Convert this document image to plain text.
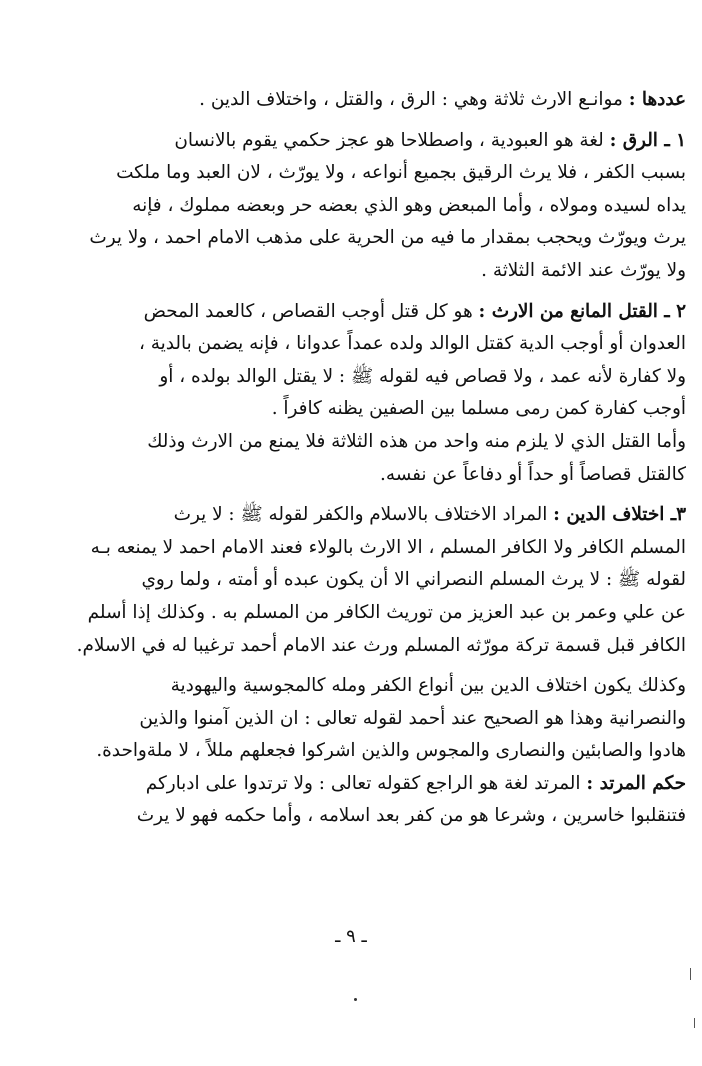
عددها : موانـع الارث ثلاثة وهي : الرق ، والقتل ، واختلاف الدين .
١ ـ الرق : لغة هو العبودية ، واصطلاحا هو عجز حكمي يقوم بالانسان
بسبب الكفر ، فلا يرث الرقيق بجميع أنواعه ، ولا يورّث ، لان العبد وما ملكت
يداه لسيده ومولاه ، وأما المبعض وهو الذي بعضه حر وبعضه مملوك ، فإنه
يرث ويورّث ويحجب بمقدار ما فيه من الحرية على مذهب الامام احمد ، ولا يرث
ولا يورّث عند الائمة الثلاثة .
٢ ـ القتل المانع من الارث : هو كل قتل أوجب القصاص ، كالعمد المحض
العدوان أو أوجب الدية كقتل الوالد ولده عمداً عدوانا ، فإنه يضمن بالدية ،
ولا كفارة لأنه عمد ، ولا قصاص فيه لقوله ﷺ : لا يقتل الوالد بولده ، أو
أوجب كفارة كمن رمى مسلما بين الصفين يظنه كافراً .
وأما القتل الذي لا يلزم منه واحد من هذه الثلاثة فلا يمنع من الارث وذلك
كالقتل قصاصاً أو حداً أو دفاعاً عن نفسه.
٣ـ اختلاف الدين : المراد الاختلاف بالاسلام والكفر لقوله ﷺ : لا يرث
المسلم الكافر ولا الكافر المسلم ، الا الارث بالولاء فعند الامام احمد لا يمنعه بـه
لقوله ﷺ : لا يرث المسلم النصراني الا أن يكون عبده أو أمته ، ولما روي
عن علي وعمر بن عبد العزيز من توريث الكافر من المسلم به . وكذلك إذا أسلم
الكافر قبل قسمة تركة مورّثه المسلم ورث عند الامام أحمد ترغيبا له في الاسلام.
وكذلك يكون اختلاف الدين بين أنواع الكفر ومله كالمجوسية واليهودية
والنصرانية وهذا هو الصحيح عند أحمد لقوله تعالى : ان الذين آمنوا والذين
هادوا والصابئين والنصارى والمجوس والذين اشركوا فجعلهم مللاً ، لا ملةواحدة.
حكم المرتد : المرتد لغة هو الراجع كقوله تعالى : ولا ترتدوا على ادباركم
فتنقلبوا خاسرين ، وشرعا هو من كفر بعد اسلامه ، وأما حكمه فهو لا يرث
ـ ٩ ـ
